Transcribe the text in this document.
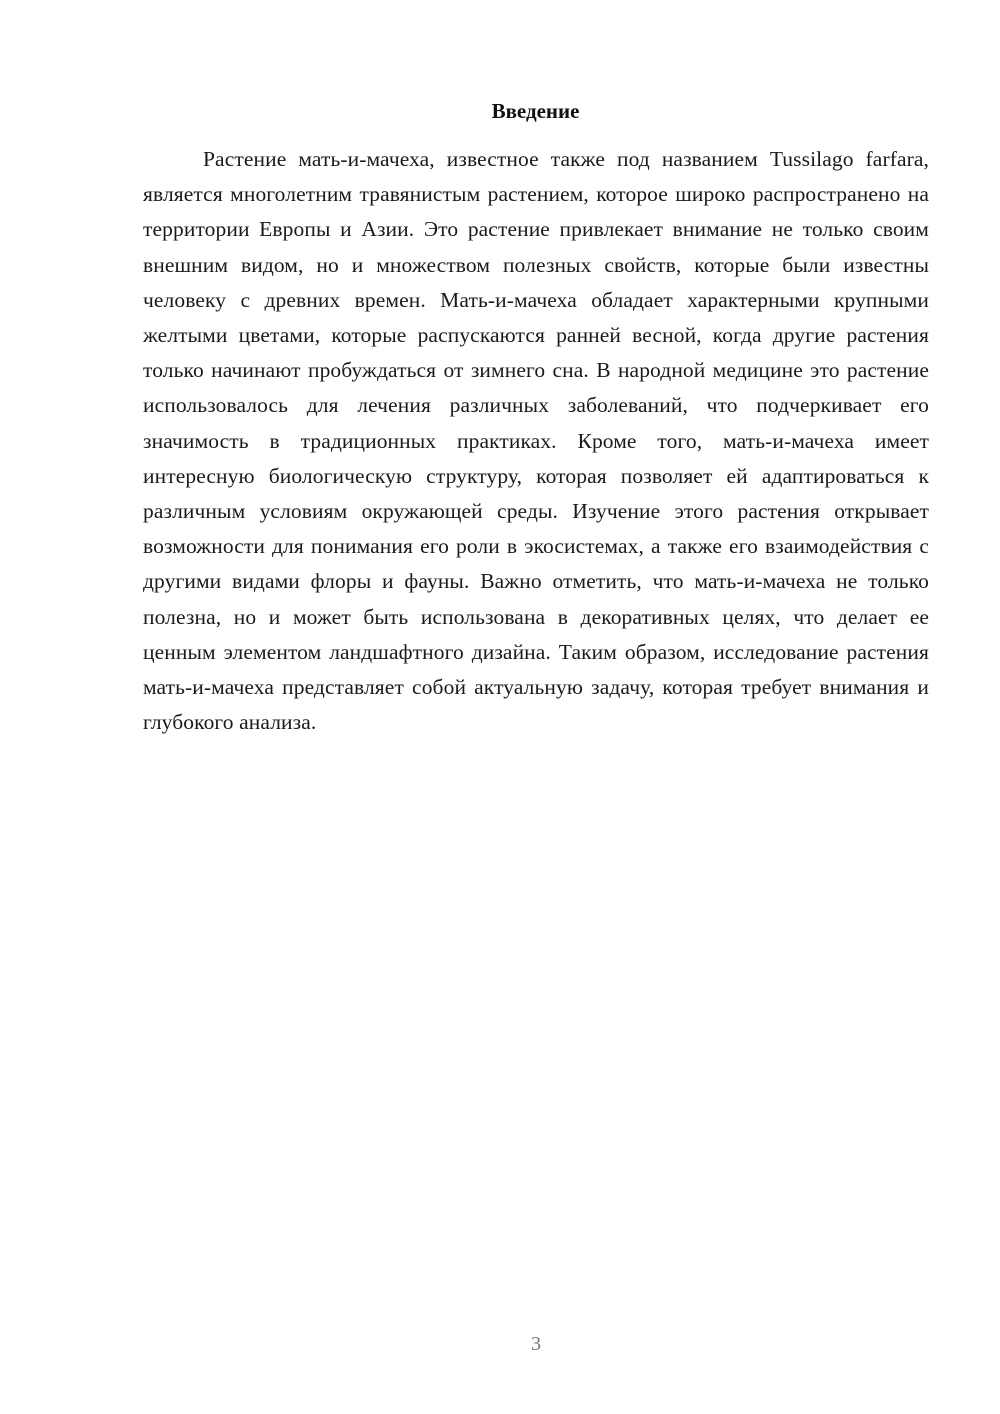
Введение

Растение мать-и-мачеха, известное также под названием Tussilago farfara, является многолетним травянистым растением, которое широко распространено на территории Европы и Азии. Это растение привлекает внимание не только своим внешним видом, но и множеством полезных свойств, которые были известны человеку с древних времен. Мать-и-мачеха обладает характерными крупными желтыми цветами, которые распускаются ранней весной, когда другие растения только начинают пробуждаться от зимнего сна. В народной медицине это растение использовалось для лечения различных заболеваний, что подчеркивает его значимость в традиционных практиках. Кроме того, мать-и-мачеха имеет интересную биологическую структуру, которая позволяет ей адаптироваться к различным условиям окружающей среды. Изучение этого растения открывает возможности для понимания его роли в экосистемах, а также его взаимодействия с другими видами флоры и фауны. Важно отметить, что мать-и-мачеха не только полезна, но и может быть использована в декоративных целях, что делает ее ценным элементом ландшафтного дизайна. Таким образом, исследование растения мать-и-мачеха представляет собой актуальную задачу, которая требует внимания и глубокого анализа.

3
